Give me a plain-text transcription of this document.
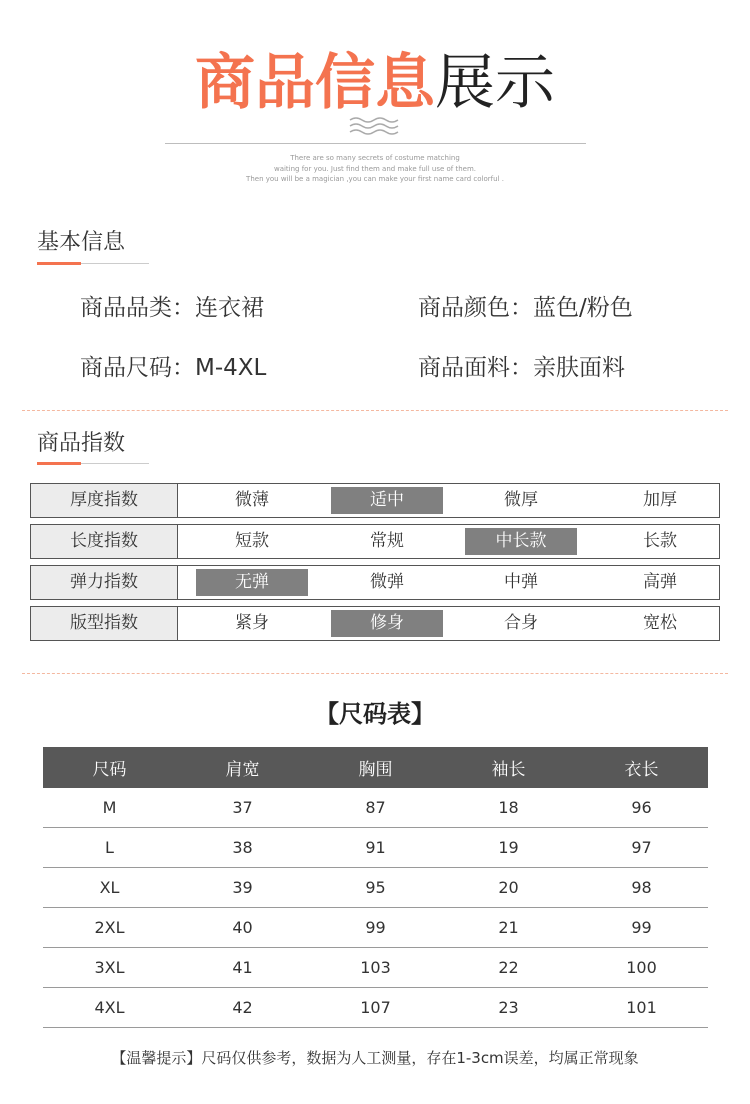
商品信息展示
There are so many secrets of costume matching
waiting for you. Just find them and make full use of them.
Then you will be a magician ,you can make your first name card colorful .
基本信息
商品品类：连衣裙	商品颜色：蓝色/粉色
商品尺码：M-4XL	商品面料：亲肤面料
商品指数
厚度指数	微薄	适中	微厚	加厚
长度指数	短款	常规	中长款	长款
弹力指数	无弹	微弹	中弹	高弹
版型指数	紧身	修身	合身	宽松
【尺码表】
尺码	肩宽	胸围	袖长	衣长
M	37	87	18	96
L	38	91	19	97
XL	39	95	20	98
2XL	40	99	21	99
3XL	41	103	22	100
4XL	42	107	23	101
【温馨提示】尺码仅供参考，数据为人工测量，存在1-3cm误差，均属正常现象
